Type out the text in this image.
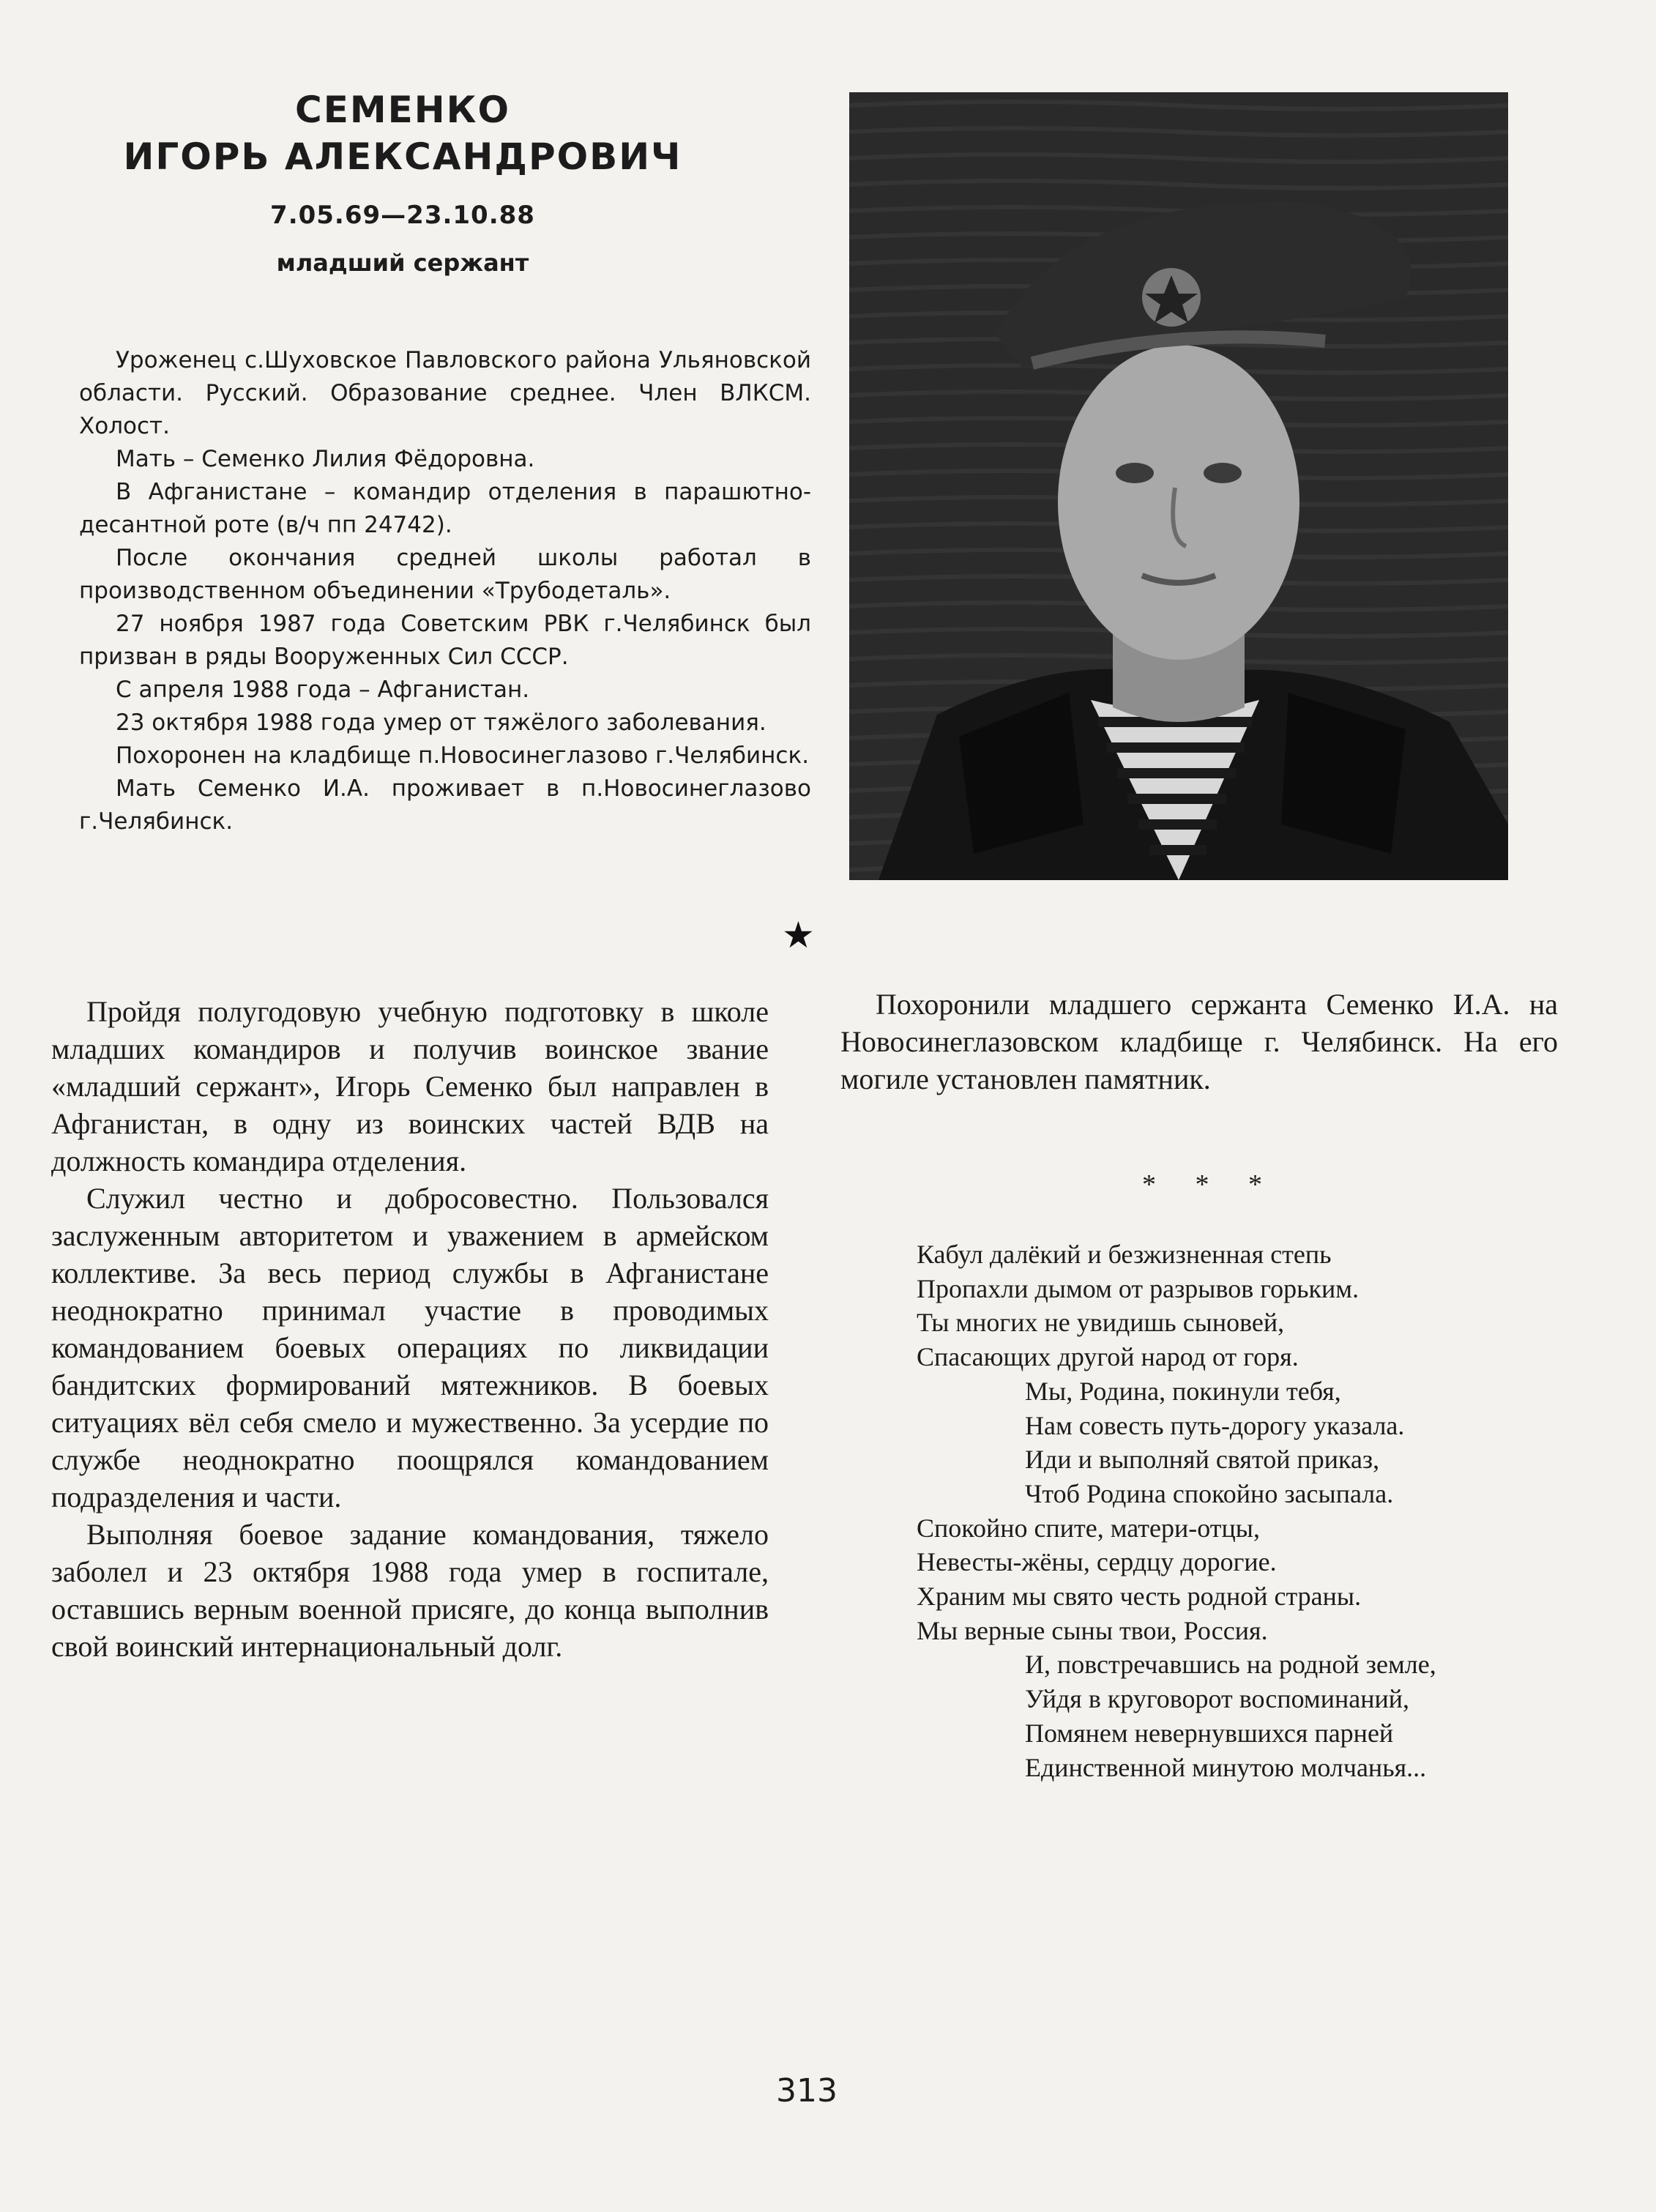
СЕМЕНКО
ИГОРЬ АЛЕКСАНДРОВИЧ
7.05.69—23.10.88
младший сержант

Уроженец с.Шуховское Павловского района Ульяновской области. Русский. Образование среднее. Член ВЛКСМ. Холост.

Мать – Семенко Лилия Фёдоровна.

В Афганистане – командир отделения в парашютно-десантной роте (в/ч пп 24742).

После окончания средней школы работал в производственном объединении «Трубодеталь».

27 ноября 1987 года Советским РВК г.Челябинск был призван в ряды Вооруженных Сил СССР.

С апреля 1988 года – Афганистан.

23 октября 1988 года умер от тяжёлого заболевания.

Похоронен на кладбище п.Новосинеглазово г.Челябинск.

Мать Семенко И.А. проживает в п.Новосинеглазово г.Челябинск.

★

Пройдя полугодовую учебную подготовку в школе младших командиров и получив воинское звание «младший сержант», Игорь Семенко был направлен в Афганистан, в одну из воинских частей ВДВ на должность командира отделения.

Служил честно и добросовестно. Пользовался заслуженным авторитетом и уважением в армейском коллективе. За весь период службы в Афганистане неоднократно принимал участие в проводимых командованием боевых операциях по ликвидации бандитских формирований мятежников. В боевых ситуациях вёл себя смело и мужественно. За усердие по службе неоднократно поощрялся командованием подразделения и части.

Выполняя боевое задание командования, тяжело заболел и 23 октября 1988 года умер в госпитале, оставшись верным военной присяге, до конца выполнив свой воинский интернациональный долг.

Похоронили младшего сержанта Семенко И.А. на Новосинеглазовском кладбище г. Челябинск. На его могиле установлен памятник.

* * *
Кабул далёкий и безжизненная степь
Пропахли дымом от разрывов горьким.
Ты многих не увидишь сыновей,
Спасающих другой народ от горя.
Мы, Родина, покинули тебя,
Нам совесть путь-дорогу указала.
Иди и выполняй святой приказ,
Чтоб Родина спокойно засыпала.
Спокойно спите, матери-отцы,
Невесты-жёны, сердцу дорогие.
Храним мы свято честь родной страны.
Мы верные сыны твои, Россия.
И, повстречавшись на родной земле,
Уйдя в круговорот воспоминаний,
Помянем невернувшихся парней
Единственной минутою молчанья...
313
